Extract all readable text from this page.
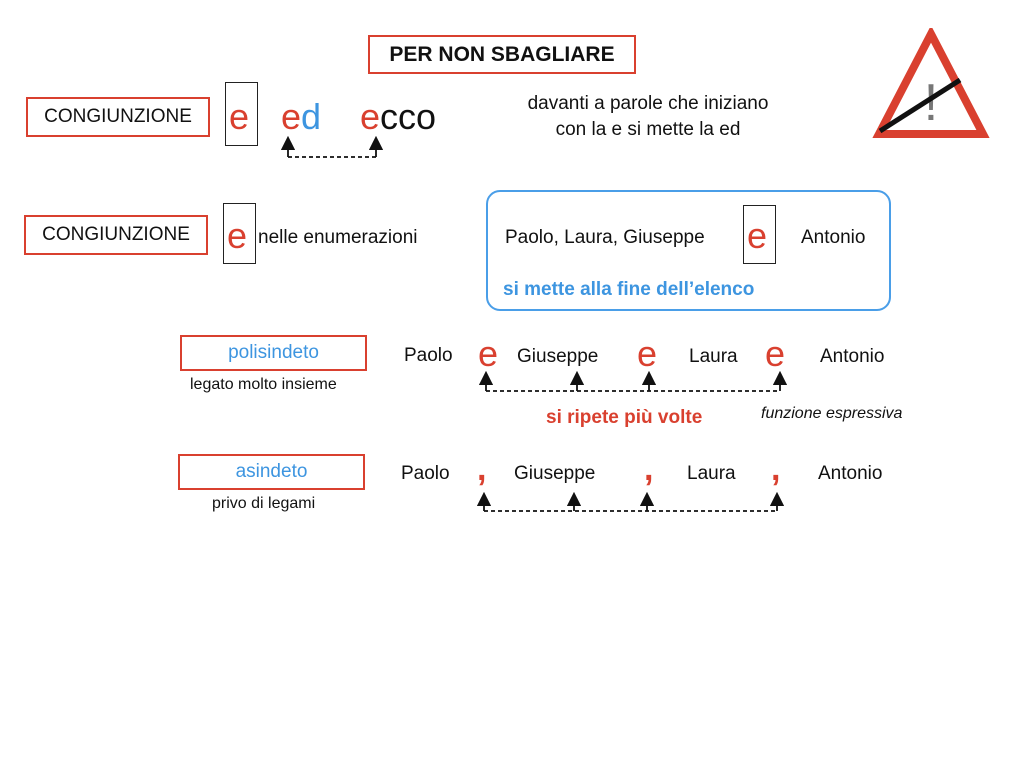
PER NON SBAGLIARE
!
CONGIUNZIONE e ed ecco	davanti a parole che iniziano
con la e si mette la ed
CONGIUNZIONE e nelle enumerazioni	Paolo, Laura, Giuseppe e Antonio
si mette alla fine dell’elenco
polisindeto
legato molto insieme
Paolo e Giuseppe e Laura e Antonio
si ripete più volte	funzione espressiva
asindeto
privo di legami
Paolo , Giuseppe , Laura , Antonio
